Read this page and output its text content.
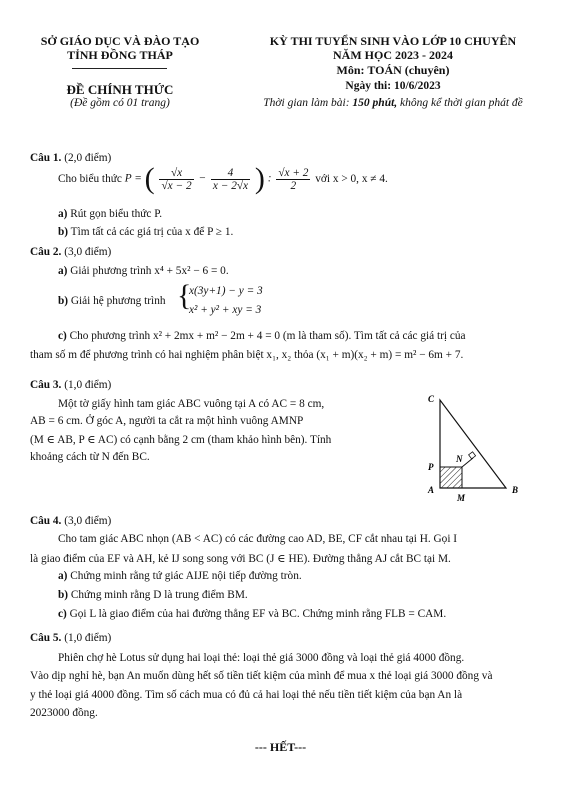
SỞ GIÁO DỤC VÀ ĐÀO TẠO
TỈNH ĐỒNG THÁP
ĐỀ CHÍNH THỨC
(Đề gồm có 01 trang)
KỲ THI TUYỂN SINH VÀO LỚP 10 CHUYÊN
NĂM HỌC 2023 - 2024
Môn: TOÁN (chuyên)
Ngày thi: 10/6/2023
Thời gian làm bài: 150 phút, không kể thời gian phát đề
Câu 1. (2,0 điểm)
Cho biểu thức
P = ( $\frac{√x}{√x - 2} - \frac{4}{x - 2√x}$ ) : $\frac{√x + 2}{2}$
với x > 0, x ≠ 4.
a) Rút gọn biểu thức P.
b) Tìm tất cả các giá trị của x để P ≥ 1.
Câu 2. (3,0 điểm)
a) Giải phương trình x⁴ + 5x² − 6 = 0.
b) Giải hệ phương trình {
x(3y+1) − y = 3
x² + y² + xy = 3
c) Cho phương trình x² + 2mx + m² − 2m + 4 = 0 (m là tham số). Tìm tất cả các giá trị của
tham số m để phương trình có hai nghiệm phân biệt x₁, x₂ thỏa (x₁ + m)(x₂ + m) = m² − 6m + 7.
Câu 3. (1,0 điểm)
Một tờ giấy hình tam giác ABC vuông tại A có AC = 8 cm,
AB = 6 cm. Ở góc A, người ta cắt ra một hình vuông AMNP
(M ∈ AB, P ∈ AC) có cạnh bằng 2 cm (tham khảo hình bên). Tính
khoảng cách từ N đến BC.
C
N
P
A
M
B
Câu 4. (3,0 điểm)
Cho tam giác ABC nhọn (AB < AC) có các đường cao AD, BE, CF cắt nhau tại H. Gọi I
là giao điểm của EF và AH, kẻ IJ song song với BC (J ∈ HE). Đường thẳng AJ cắt BC tại M.
a) Chứng minh rằng tứ giác AIJE nội tiếp đường tròn.
b) Chứng minh rằng D là trung điểm BM.
c) Gọi L là giao điểm của hai đường thẳng EF và BC. Chứng minh rằng FLB = CAM.
Câu 5. (1,0 điểm)
Phiên chợ hè Lotus sử dụng hai loại thẻ: loại thẻ giá 3000 đồng và loại thẻ giá 4000 đồng.
Vào dịp nghỉ hè, bạn An muốn dùng hết số tiền tiết kiệm của mình để mua x thẻ loại giá 3000 đồng và
y thẻ loại giá 4000 đồng. Tìm số cách mua có đủ cả hai loại thẻ nếu tiền tiết kiệm của bạn An là
2023000 đồng.
--- HẾT---
